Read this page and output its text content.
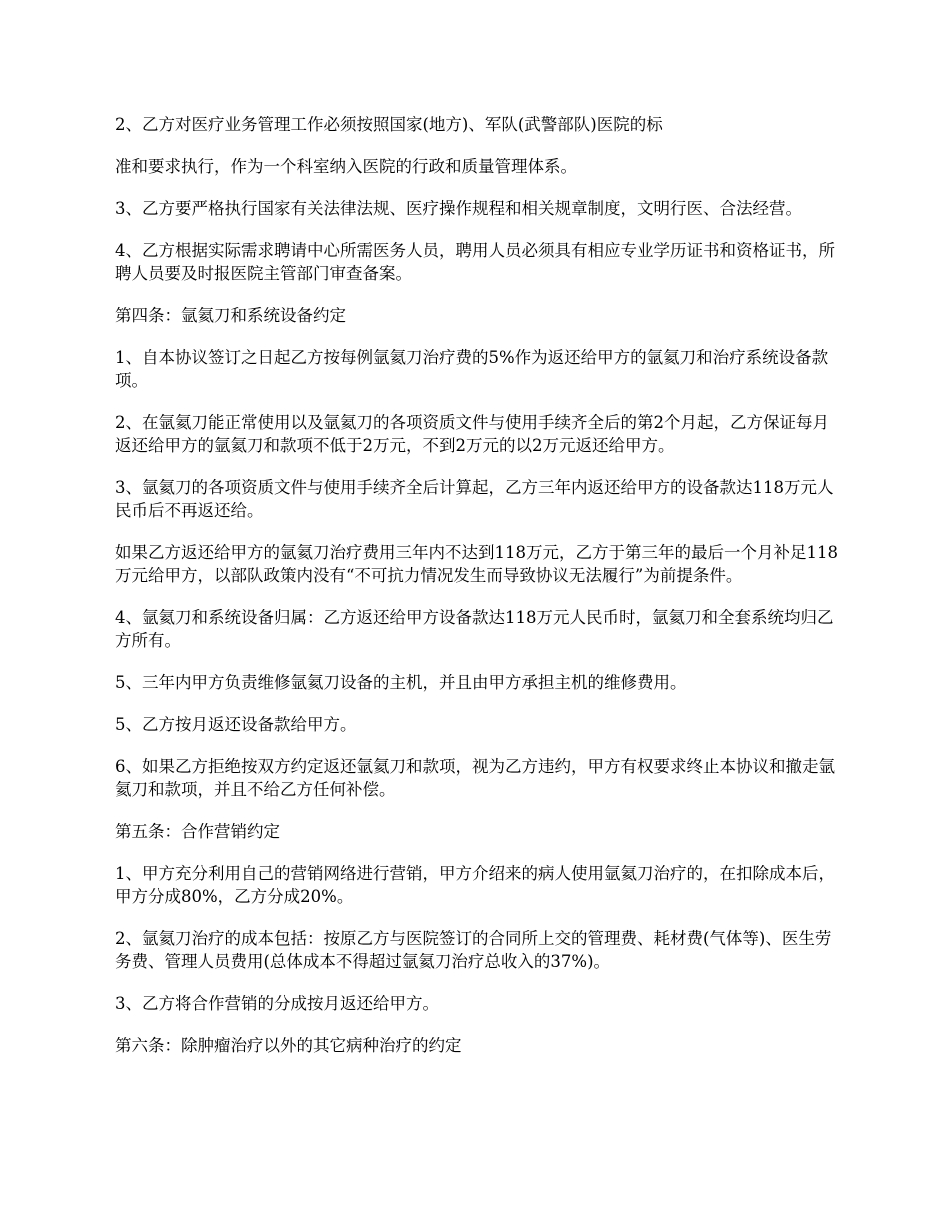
2、乙方对医疗业务管理工作必须按照国家(地方)、军队(武警部队)医院的标

准和要求执行，作为一个科室纳入医院的行政和质量管理体系。

3、乙方要严格执行国家有关法律法规、医疗操作规程和相关规章制度，文明行医、合法经营。

4、乙方根据实际需求聘请中心所需医务人员，聘用人员必须具有相应专业学历证书和资格证书，所聘人员要及时报医院主管部门审查备案。

第四条：氩氦刀和系统设备约定

1、自本协议签订之日起乙方按每例氩氦刀治疗费的5%作为返还给甲方的氩氦刀和治疗系统设备款项。

2、在氩氦刀能正常使用以及氩氦刀的各项资质文件与使用手续齐全后的第2个月起，乙方保证每月返还给甲方的氩氦刀和款项不低于2万元，不到2万元的以2万元返还给甲方。

3、氩氦刀的各项资质文件与使用手续齐全后计算起，乙方三年内返还给甲方的设备款达118万元人民币后不再返还给。

如果乙方返还给甲方的氩氦刀治疗费用三年内不达到118万元，乙方于第三年的最后一个月补足118万元给甲方，以部队政策内没有“不可抗力情况发生而导致协议无法履行”为前提条件。

4、氩氦刀和系统设备归属：乙方返还给甲方设备款达118万元人民币时，氩氦刀和全套系统均归乙方所有。

5、三年内甲方负责维修氩氦刀设备的主机，并且由甲方承担主机的维修费用。

5、乙方按月返还设备款给甲方。

6、如果乙方拒绝按双方约定返还氩氦刀和款项，视为乙方违约，甲方有权要求终止本协议和撤走氩氦刀和款项，并且不给乙方任何补偿。

第五条：合作营销约定

1、甲方充分利用自己的营销网络进行营销，甲方介绍来的病人使用氩氦刀治疗的，在扣除成本后，甲方分成80%，乙方分成20%。

2、氩氦刀治疗的成本包括：按原乙方与医院签订的合同所上交的管理费、耗材费(气体等)、医生劳务费、管理人员费用(总体成本不得超过氩氦刀治疗总收入的37%)。

3、乙方将合作营销的分成按月返还给甲方。

第六条：除肿瘤治疗以外的其它病种治疗的约定
